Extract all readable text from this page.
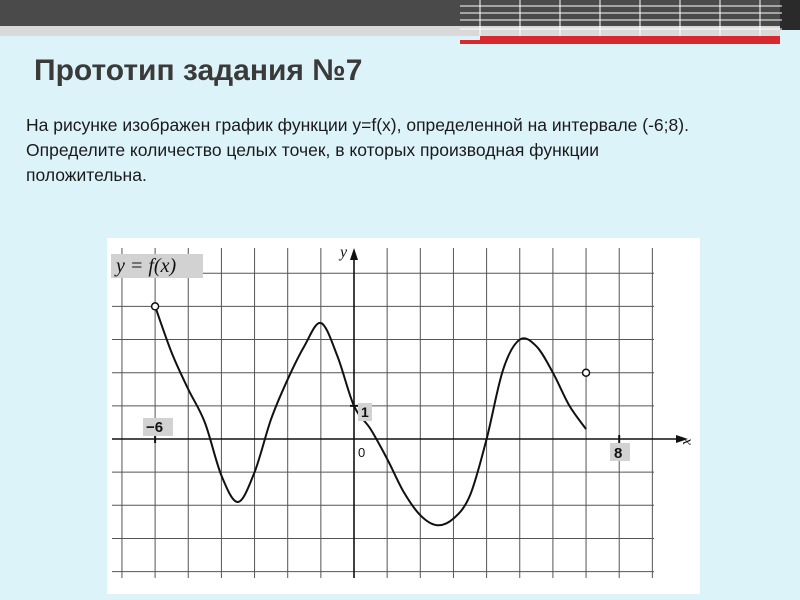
Прототип задания №7
На рисунке изображен график функции y=f(x), определенной на интервале (-6;8).
Определите количество целых точек, в которых производная функции
положительна.
y = f(x)
y
x
−6
8
0
1
